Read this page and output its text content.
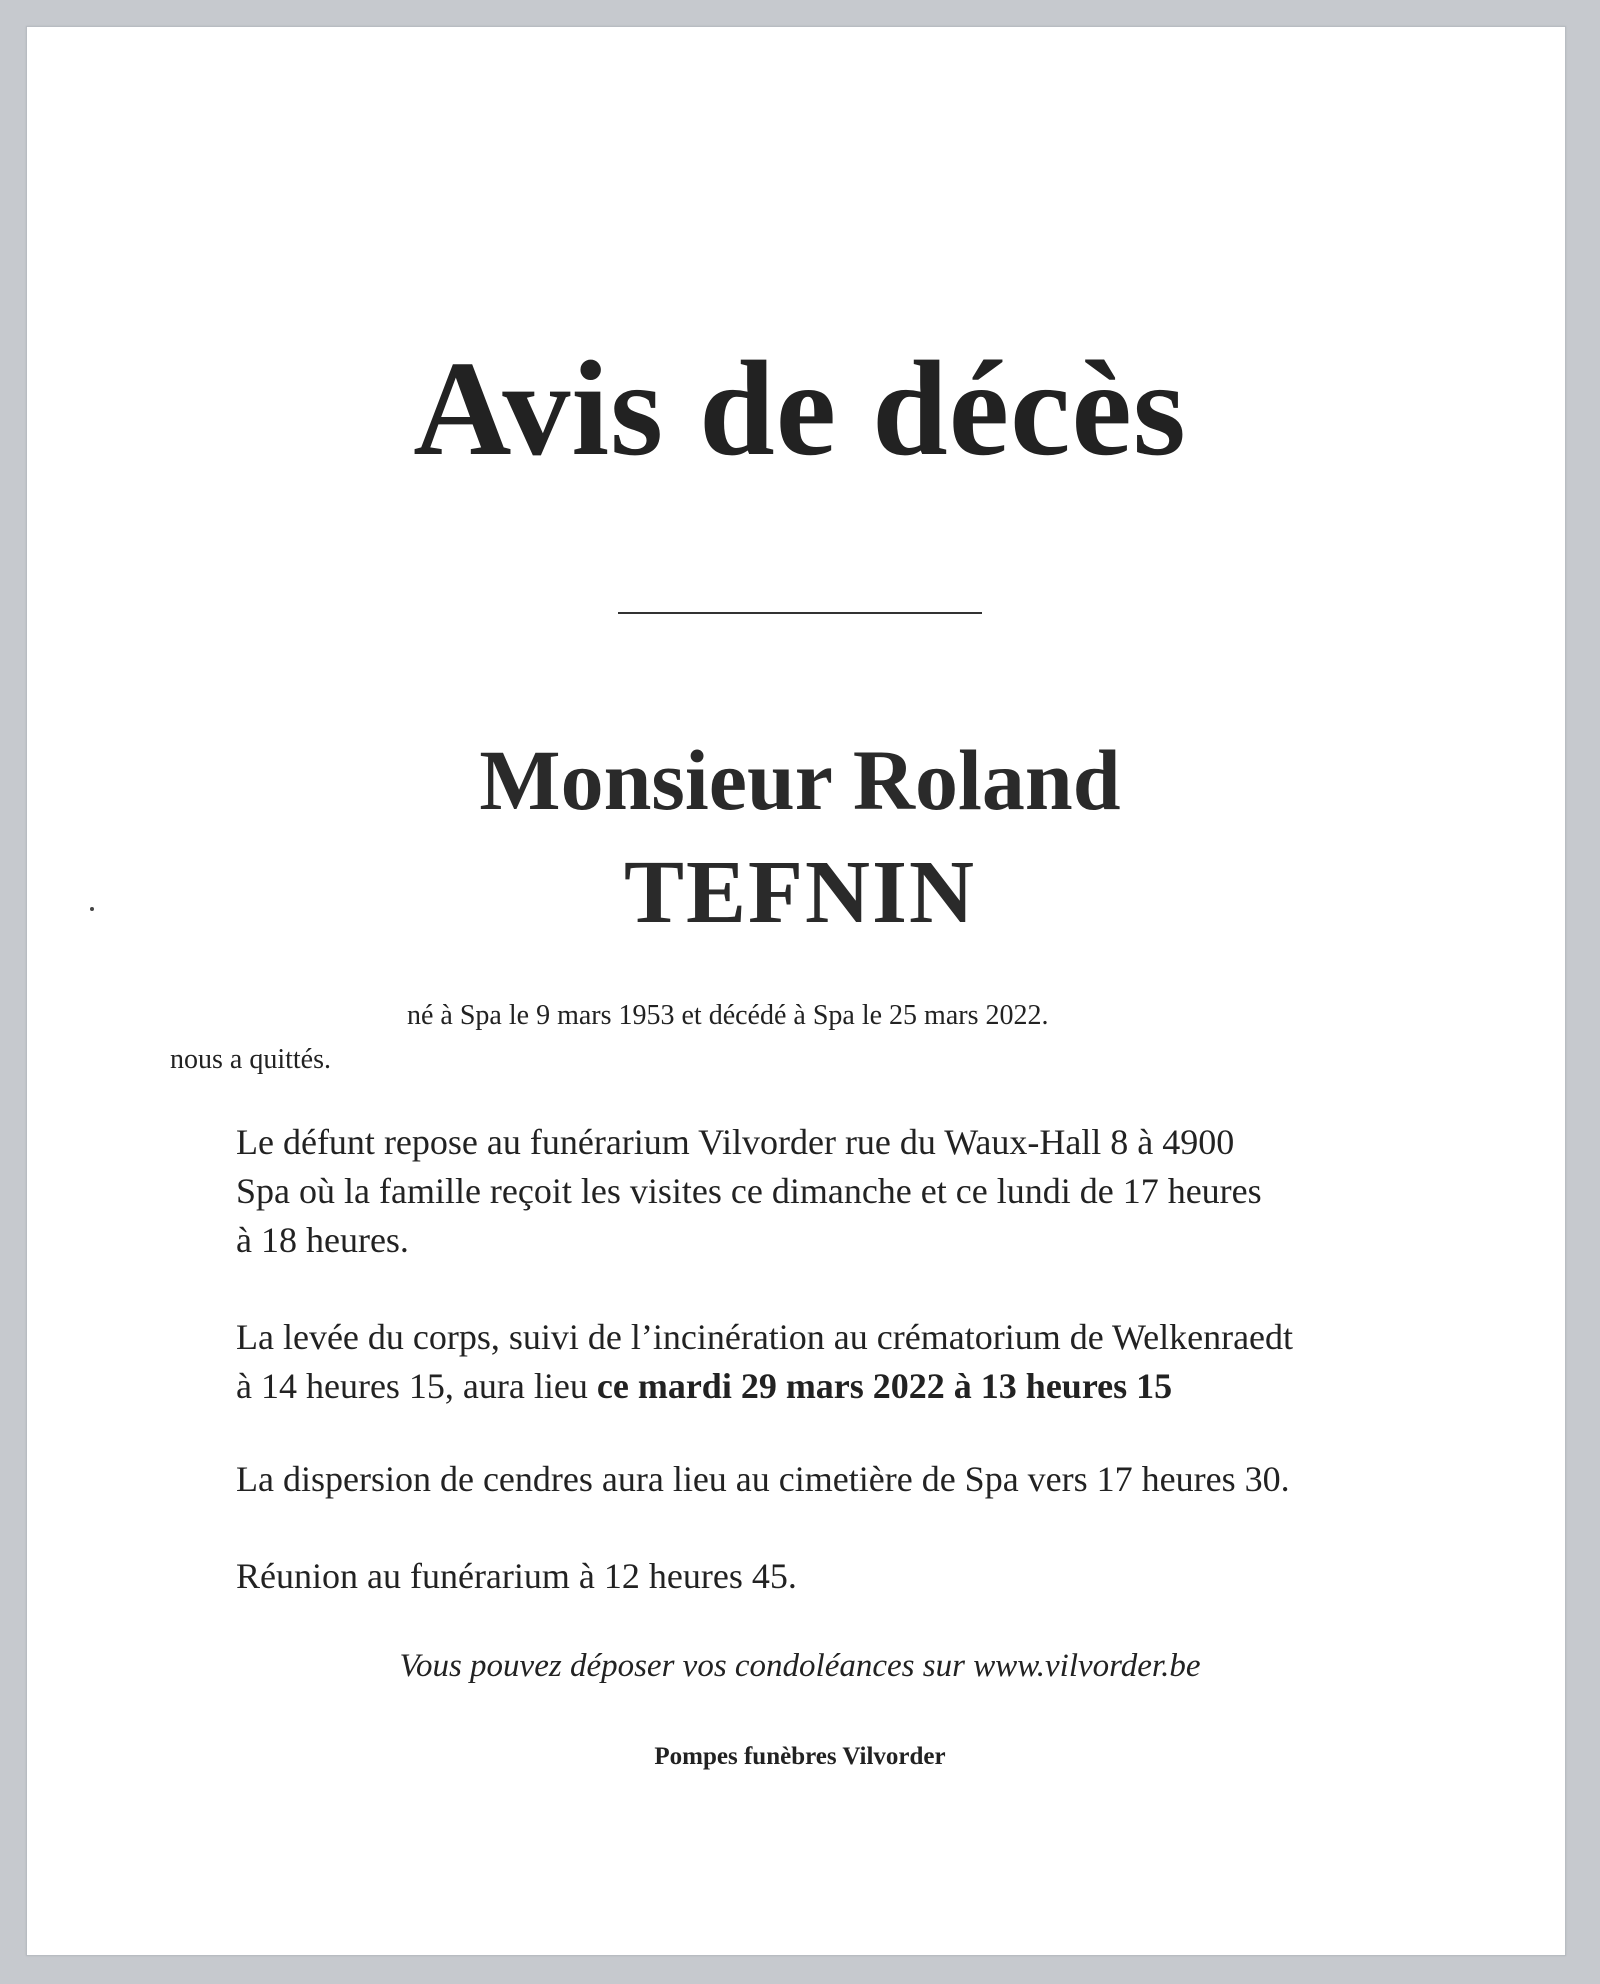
Avis de décès
Monsieur Roland
TEFNIN
né à Spa le 9 mars 1953 et décédé à Spa le 25 mars 2022.
nous a quittés.
Le défunt repose au funérarium Vilvorder rue du Waux-Hall 8 à 4900
Spa où la famille reçoit les visites ce dimanche et ce lundi de 17 heures
à 18 heures.
La levée du corps, suivi de l’incinération au crématorium de Welkenraedt
à 14 heures 15, aura lieu ce mardi 29 mars 2022 à 13 heures 15
La dispersion de cendres aura lieu au cimetière de Spa vers 17 heures 30.
Réunion au funérarium à 12 heures 45.
Vous pouvez déposer vos condoléances sur www.vilvorder.be
Pompes funèbres Vilvorder
